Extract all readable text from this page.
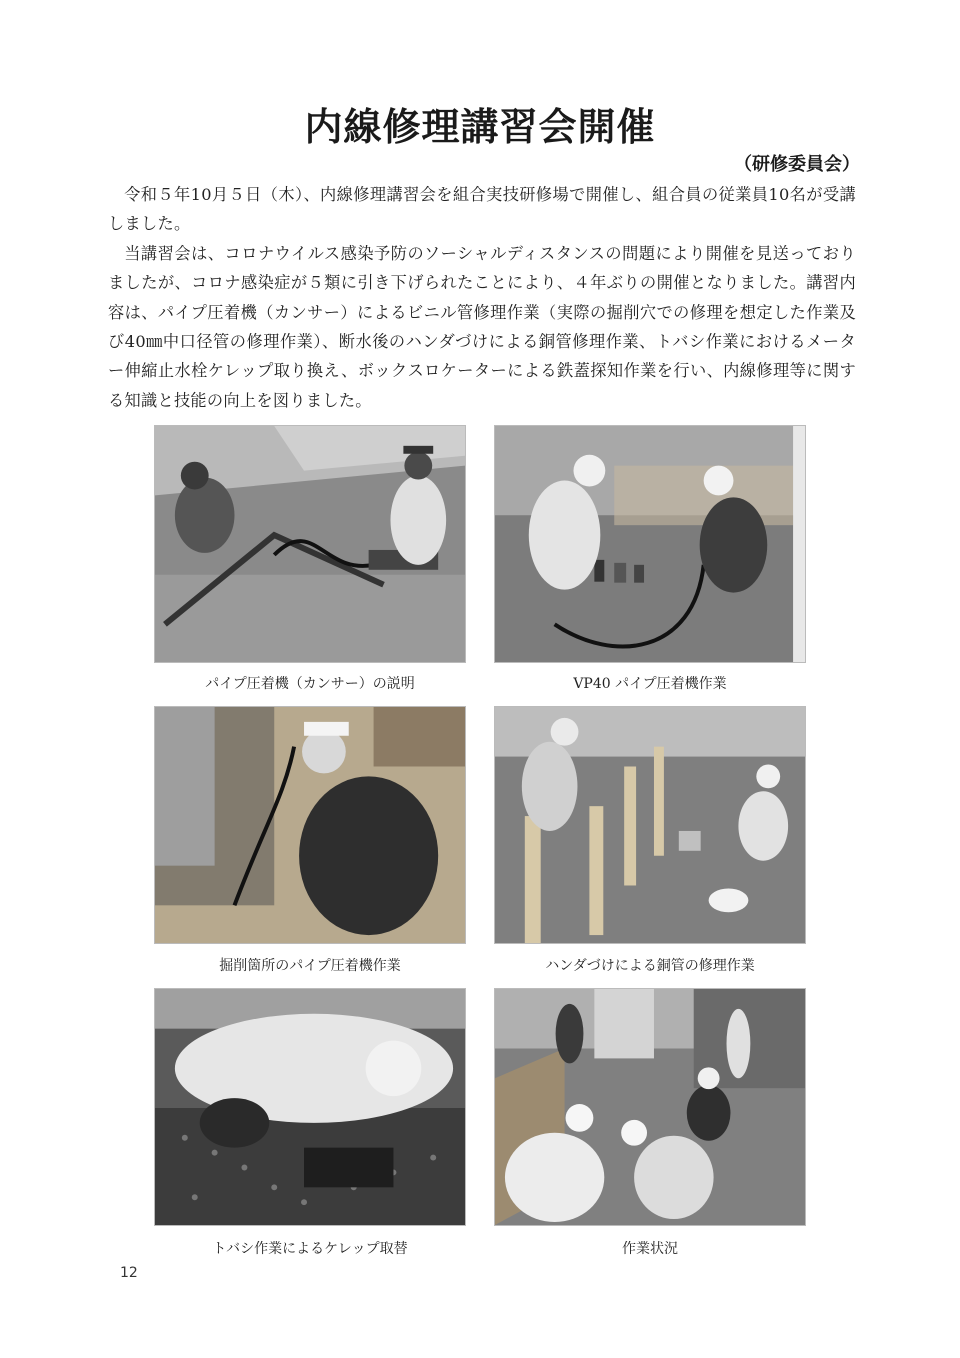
内線修理講習会開催
（研修委員会）

令和５年10月５日（木）、内線修理講習会を組合実技研修場で開催し、組合員の従業員10名が受講しました。

当講習会は、コロナウイルス感染予防のソーシャルディスタンスの問題により開催を見送っておりましたが、コロナ感染症が５類に引き下げられたことにより、４年ぶりの開催となりました。講習内容は、パイプ圧着機（カンサー）によるビニル管修理作業（実際の掘削穴での修理を想定した作業及び40㎜中口径管の修理作業）、断水後のハンダづけによる銅管修理作業、トバシ作業におけるメーター伸縮止水栓ケレップ取り換え、ボックスロケーターによる鉄蓋探知作業を行い、内線修理等に関する知識と技能の向上を図りました。

パイプ圧着機（カンサー）の説明	VP40 パイプ圧着機作業
掘削箇所のパイプ圧着機作業	ハンダづけによる銅管の修理作業
トバシ作業によるケレップ取替	作業状況
12
